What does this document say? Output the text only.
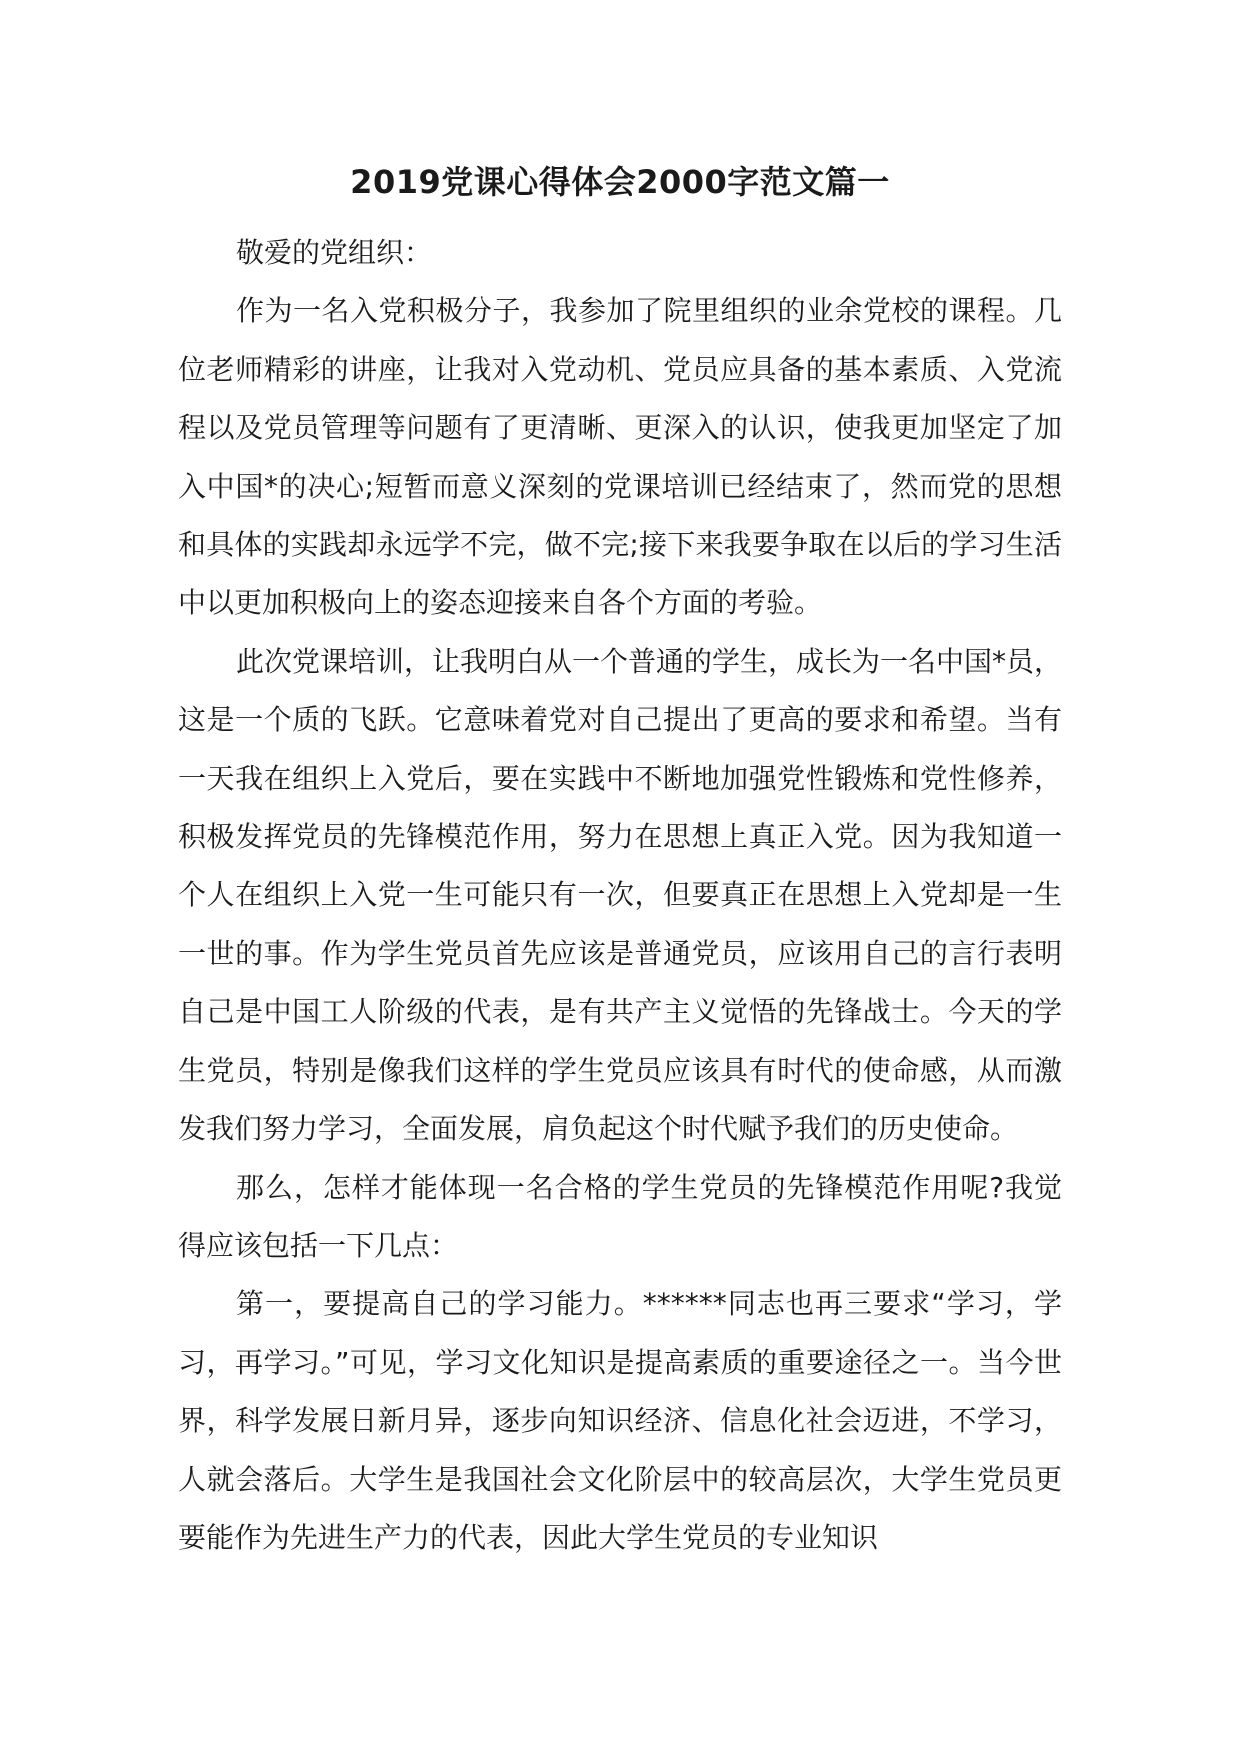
2019党课心得体会2000字范文篇一

敬爱的党组织：

作为一名入党积极分子，我参加了院里组织的业余党校的课程。几位老师精彩的讲座，让我对入党动机、党员应具备的基本素质、入党流程以及党员管理等问题有了更清晰、更深入的认识，使我更加坚定了加入中国*的决心;短暂而意义深刻的党课培训已经结束了，然而党的思想和具体的实践却永远学不完，做不完;接下来我要争取在以后的学习生活中以更加积极向上的姿态迎接来自各个方面的考验。

此次党课培训，让我明白从一个普通的学生，成长为一名中国*员，这是一个质的飞跃。它意味着党对自己提出了更高的要求和希望。当有一天我在组织上入党后，要在实践中不断地加强党性锻炼和党性修养，积极发挥党员的先锋模范作用，努力在思想上真正入党。因为我知道一个人在组织上入党一生可能只有一次，但要真正在思想上入党却是一生一世的事。作为学生党员首先应该是普通党员，应该用自己的言行表明自己是中国工人阶级的代表，是有共产主义觉悟的先锋战士。今天的学生党员，特别是像我们这样的学生党员应该具有时代的使命感，从而激发我们努力学习，全面发展，肩负起这个时代赋予我们的历史使命。

那么，怎样才能体现一名合格的学生党员的先锋模范作用呢?我觉得应该包括一下几点：

第一，要提高自己的学习能力。******同志也再三要求“学习，学习，再学习。”可见，学习文化知识是提高素质的重要途径之一。当今世界，科学发展日新月异，逐步向知识经济、信息化社会迈进，不学习，人就会落后。大学生是我国社会文化阶层中的较高层次，大学生党员更要能作为先进生产力的代表，因此大学生党员的专业知识
